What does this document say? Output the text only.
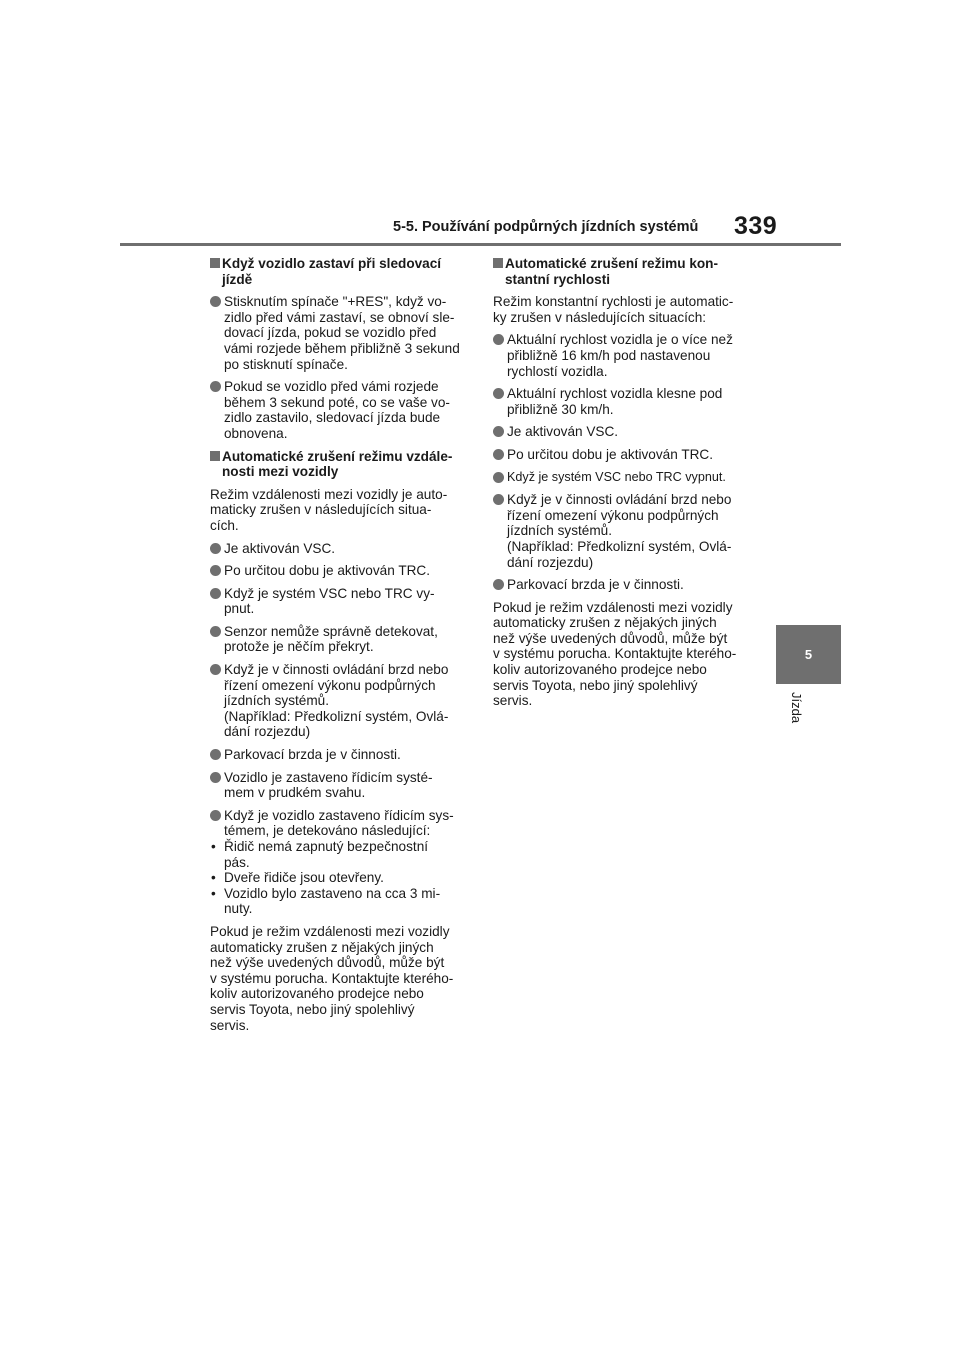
5-5. Používání podpůrných jízdních systémů 339
5
Jízda
Když vozidlo zastaví při sledovací
jízdě
Stisknutím spínače "+RES", když vo-
zidlo před vámi zastaví, se obnoví sle-
dovací jízda, pokud se vozidlo před
vámi rozjede během přibližně 3 sekund
po stisknutí spínače.
Pokud se vozidlo před vámi rozjede
během 3 sekund poté, co se vaše vo-
zidlo zastavilo, sledovací jízda bude
obnovena.
Automatické zrušení režimu vzdále-
nosti mezi vozidly
Režim vzdálenosti mezi vozidly je auto-
maticky zrušen v následujících situa-
cích.
Je aktivován VSC.
Po určitou dobu je aktivován TRC.
Když je systém VSC nebo TRC vy-
pnut.
Senzor nemůže správně detekovat,
protože je něčím překryt.
Když je v činnosti ovládání brzd nebo
řízení omezení výkonu podpůrných
jízdních systémů.
(Například: Předkolizní systém, Ovlá-
dání rozjezdu)
Parkovací brzda je v činnosti.
Vozidlo je zastaveno řídicím systé-
mem v prudkém svahu.
Když je vozidlo zastaveno řídicím sys-
témem, je detekováno následující:
• Řidič nemá zapnutý bezpečnostní
pás.
• Dveře řidiče jsou otevřeny.
• Vozidlo bylo zastaveno na cca 3 mi-
nuty.
Pokud je režim vzdálenosti mezi vozidly
automaticky zrušen z nějakých jiných
než výše uvedených důvodů, může být
v systému porucha. Kontaktujte kterého-
koliv autorizovaného prodejce nebo
servis Toyota, nebo jiný spolehlivý
servis.
Automatické zrušení režimu kon-
stantní rychlosti
Režim konstantní rychlosti je automatic-
ky zrušen v následujících situacích:
Aktuální rychlost vozidla je o více než
přibližně 16 km/h pod nastavenou
rychlostí vozidla.
Aktuální rychlost vozidla klesne pod
přibližně 30 km/h.
Je aktivován VSC.
Po určitou dobu je aktivován TRC.
Když je systém VSC nebo TRC vypnut.
Když je v činnosti ovládání brzd nebo
řízení omezení výkonu podpůrných
jízdních systémů.
(Například: Předkolizní systém, Ovlá-
dání rozjezdu)
Parkovací brzda je v činnosti.
Pokud je režim vzdálenosti mezi vozidly
automaticky zrušen z nějakých jiných
než výše uvedených důvodů, může být
v systému porucha. Kontaktujte kterého-
koliv autorizovaného prodejce nebo
servis Toyota, nebo jiný spolehlivý
servis.
